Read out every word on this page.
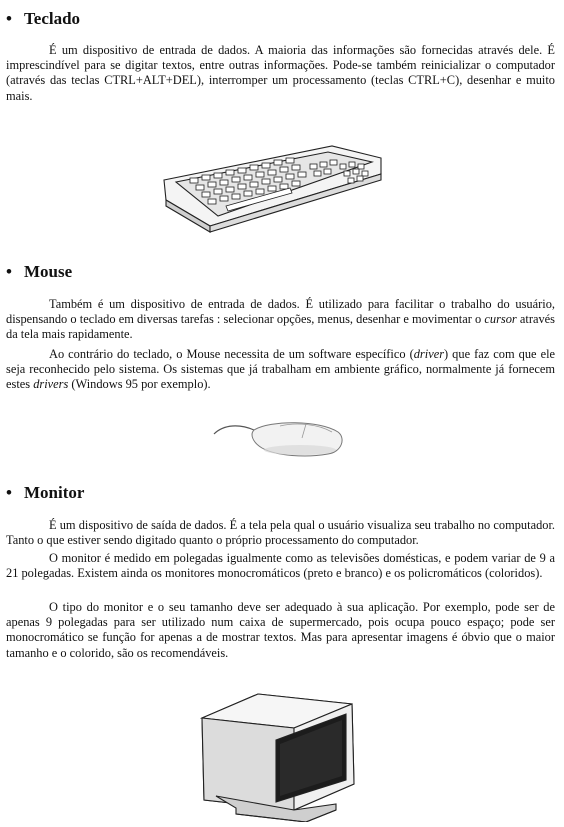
• Teclado

É um dispositivo de entrada de dados. A maioria das informações são fornecidas através dele. É imprescindível para se digitar textos, entre outras informações. Pode-se também reinicializar o computador (através das teclas CTRL+ALT+DEL), interromper um processamento (teclas CTRL+C), desenhar e muito mais.

• Mouse

Também é um dispositivo de entrada de dados. É utilizado para facilitar o trabalho do usuário, dispensando o teclado em diversas tarefas : selecionar opções, menus, desenhar e movimentar o cursor através da tela mais rapidamente.

Ao contrário do teclado, o Mouse necessita de um software específico (driver) que faz com que ele seja reconhecido pelo sistema. Os sistemas que já trabalham em ambiente gráfico, normalmente já fornecem estes drivers (Windows 95 por exemplo).

• Monitor

É um dispositivo de saída de dados. É a tela pela qual o usuário visualiza seu trabalho no computador. Tanto o que estiver sendo digitado quanto o próprio processamento do computador.

O monitor é medido em polegadas igualmente como as televisões domésticas, e podem variar de 9 a 21 polegadas. Existem ainda os monitores monocromáticos (preto e branco) e os policromáticos (coloridos).

O tipo do monitor e o seu tamanho deve ser adequado à sua aplicação. Por exemplo, pode ser de apenas 9 polegadas para ser utilizado num caixa de supermercado, pois ocupa pouco espaço; pode ser monocromático se função for apenas a de mostrar textos. Mas para apresentar imagens é óbvio que o maior tamanho e o colorido, são os recomendáveis.
